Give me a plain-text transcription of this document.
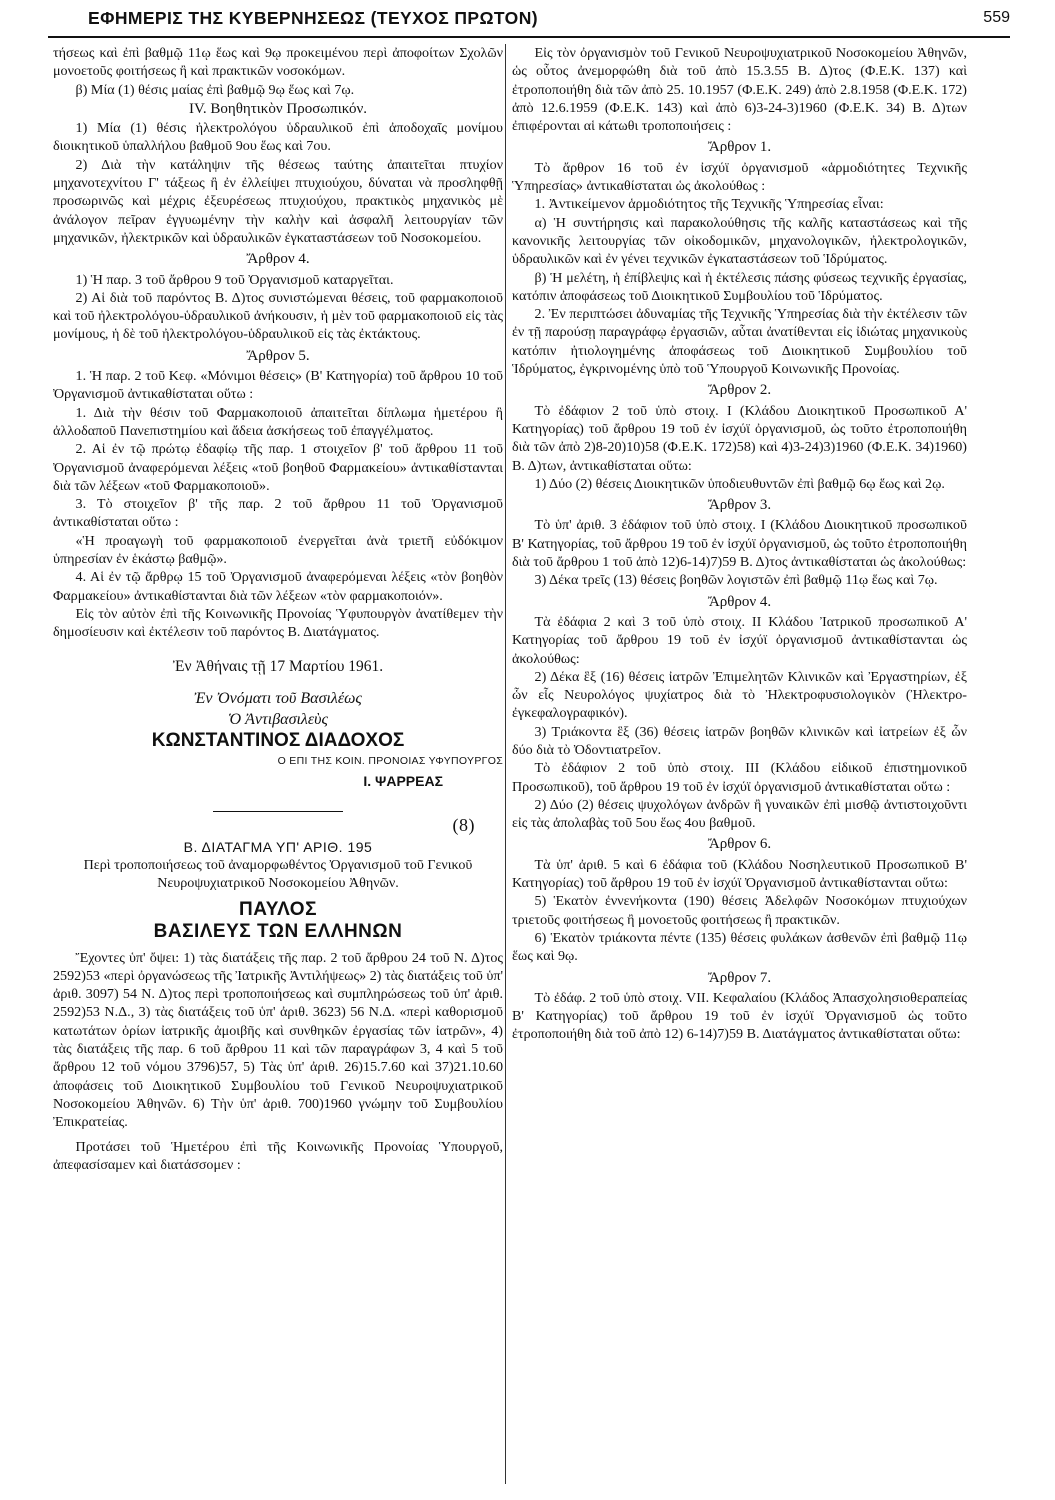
ΕΦΗΜΕΡΙΣ ΤΗΣ ΚΥΒΕΡΝΗΣΕΩΣ (ΤΕΥΧΟΣ ΠΡΩΤΟΝ)	559

τήσεως καὶ ἐπὶ βαθμῷ 11ῳ ἕως καὶ 9ῳ προκειμένου περὶ ἀποφοίτων Σχολῶν μονοετοῦς φοιτήσεως ἢ καὶ πρακτικῶν νοσοκόμων.

β) Μία (1) θέσις μαίας ἐπὶ βαθμῷ 9ῳ ἕως καὶ 7ῳ.

IV. Βοηθητικὸν Προσωπικόν.

1) Μία (1) θέσις ἠλεκτρολόγου ὑδραυλικοῦ ἐπὶ ἀποδοχαῖς μονίμου διοικητικοῦ ὑπαλλήλου βαθμοῦ 9ου ἕως καὶ 7ου.

2) Διὰ τὴν κατάληψιν τῆς θέσεως ταύτης ἀπαιτεῖται πτυχίον μηχανοτεχνίτου Γ' τάξεως ἢ ἐν ἐλλείψει πτυχιούχου, δύναται νὰ προσληφθῇ προσωρινῶς καὶ μέχρις ἐξευρέσεως πτυχιούχου, πρακτικὸς μηχανικὸς μὲ ἀνάλογον πεῖραν ἐγγυωμένην τὴν καλὴν καὶ ἀσφαλῆ λειτουργίαν τῶν μηχανικῶν, ἠλεκτρικῶν καὶ ὑδραυλικῶν ἐγκαταστάσεων τοῦ Νοσοκομείου.

Ἄρθρον 4.

1) Ἡ παρ. 3 τοῦ ἄρθρου 9 τοῦ Ὀργανισμοῦ καταργεῖται.

2) Αἱ διὰ τοῦ παρόντος Β. Δ)τος συνιστώμεναι θέσεις, τοῦ φαρμακοποιοῦ καὶ τοῦ ἠλεκτρολόγου-ὑδραυλικοῦ ἀνήκουσιν, ἡ μὲν τοῦ φαρμακοποιοῦ εἰς τὰς μονίμους, ἡ δὲ τοῦ ἠλεκτρολόγου-ὑδραυλικοῦ εἰς τὰς ἐκτάκτους.

Ἄρθρον 5.

1. Ἡ παρ. 2 τοῦ Κεφ. «Μόνιμοι θέσεις» (Β' Κατηγορία) τοῦ ἄρθρου 10 τοῦ Ὀργανισμοῦ ἀντικαθίσταται οὕτω :

1. Διὰ τὴν θέσιν τοῦ Φαρμακοποιοῦ ἀπαιτεῖται δίπλωμα ἡμετέρου ἢ ἀλλοδαποῦ Πανεπιστημίου καὶ ἄδεια ἀσκήσεως τοῦ ἐπαγγέλματος.

2. Αἱ ἐν τῷ πρώτῳ ἐδαφίῳ τῆς παρ. 1 στοιχεῖον β' τοῦ ἄρθρου 11 τοῦ Ὀργανισμοῦ ἀναφερόμεναι λέξεις «τοῦ βοηθοῦ Φαρμακείου» ἀντικαθίστανται διὰ τῶν λέξεων «τοῦ Φαρμακοποιοῦ».

3. Τὸ στοιχεῖον β' τῆς παρ. 2 τοῦ ἄρθρου 11 τοῦ Ὀργανισμοῦ ἀντικαθίσταται οὕτω :

«Ἡ προαγωγὴ τοῦ φαρμακοποιοῦ ἐνεργεῖται ἀνὰ τριετῆ εὐδόκιμον ὑπηρεσίαν ἐν ἑκάστῳ βαθμῷ».

4. Αἱ ἐν τῷ ἄρθρῳ 15 τοῦ Ὀργανισμοῦ ἀναφερόμεναι λέξεις «τὸν βοηθὸν Φαρμακείου» ἀντικαθίστανται διὰ τῶν λέξεων «τὸν φαρμακοποιόν».

Εἰς τὸν αὐτὸν ἐπὶ τῆς Κοινωνικῆς Προνοίας Ὑφυπουργὸν ἀνατίθεμεν τὴν δημοσίευσιν καὶ ἐκτέλεσιν τοῦ παρόντος Β. Διατάγματος.

Ἐν Ἀθήναις τῇ 17 Μαρτίου 1961.
Ἐν Ὀνόματι τοῦ Βασιλέως
Ὁ Ἀντιβασιλεὺς
ΚΩΝΣΤΑΝΤΙΝΟΣ ΔΙΑΔΟΧΟΣ
Ο ΕΠΙ ΤΗΣ ΚΟΙΝ. ΠΡΟΝΟΙΑΣ ΥΦΥΠΟΥΡΓΟΣ
Ι. ΨΑΡΡΕΑΣ
(8)
Β. ΔΙΑΤΑΓΜΑ ΥΠ' ΑΡΙΘ. 195

Περὶ τροποποιήσεως τοῦ ἀναμορφωθέντος Ὀργανισμοῦ τοῦ Γενικοῦ Νευροψυχιατρικοῦ Νοσοκομείου Ἀθηνῶν.

ΠΑΥΛΟΣ
ΒΑΣΙΛΕΥΣ ΤΩΝ ΕΛΛΗΝΩΝ

Ἔχοντες ὑπ' ὄψει: 1) τὰς διατάξεις τῆς παρ. 2 τοῦ ἄρθρου 24 τοῦ Ν. Δ)τος 2592)53 «περὶ ὀργανώσεως τῆς Ἰατρικῆς Ἀντιλήψεως» 2) τὰς διατάξεις τοῦ ὑπ' ἀριθ. 3097) 54 Ν. Δ)τος περὶ τροποποιήσεως καὶ συμπληρώσεως τοῦ ὑπ' ἀριθ. 2592)53 Ν.Δ., 3) τὰς διατάξεις τοῦ ὑπ' ἀριθ. 3623) 56 Ν.Δ. «περὶ καθορισμοῦ κατωτάτων ὁρίων ἰατρικῆς ἀμοιβῆς καὶ συνθηκῶν ἐργασίας τῶν ἰατρῶν», 4) τὰς διατάξεις τῆς παρ. 6 τοῦ ἄρθρου 11 καὶ τῶν παραγράφων 3, 4 καὶ 5 τοῦ ἄρθρου 12 τοῦ νόμου 3796)57, 5) Τὰς ὑπ' ἀριθ. 26)15.7.60 καὶ 37)21.10.60 ἀποφάσεις τοῦ Διοικητικοῦ Συμβουλίου τοῦ Γενικοῦ Νευροψυχιατρικοῦ Νοσοκομείου Ἀθηνῶν. 6) Τὴν ὑπ' ἀριθ. 700)1960 γνώμην τοῦ Συμβουλίου Ἐπικρατείας.

Προτάσει τοῦ Ἡμετέρου ἐπὶ τῆς Κοινωνικῆς Προνοίας Ὑπουργοῦ, ἀπεφασίσαμεν καὶ διατάσσομεν :

Εἰς τὸν ὀργανισμὸν τοῦ Γενικοῦ Νευροψυχιατρικοῦ Νοσοκομείου Ἀθηνῶν, ὡς οὗτος ἀνεμορφώθη διὰ τοῦ ἀπὸ 15.3.55 Β. Δ)τος (Φ.Ε.Κ. 137) καὶ ἐτροποποιήθη διὰ τῶν ἀπὸ 25. 10.1957 (Φ.Ε.Κ. 249) ἀπὸ 2.8.1958 (Φ.Ε.Κ. 172) ἀπὸ 12.6.1959 (Φ.Ε.Κ. 143) καὶ ἀπὸ 6)3-24-3)1960 (Φ.Ε.Κ. 34) Β. Δ)των ἐπιφέρονται αἱ κάτωθι τροποποιήσεις :

Ἄρθρον 1.

Τὸ ἄρθρον 16 τοῦ ἐν ἰσχύϊ ὀργανισμοῦ «ἁρμοδιότητες Τεχνικῆς Ὑπηρεσίας» ἀντικαθίσταται ὡς ἀκολούθως :

1. Ἀντικείμενον ἁρμοδιότητος τῆς Τεχνικῆς Ὑπηρεσίας εἶναι:

α) Ἡ συντήρησις καὶ παρακολούθησις τῆς καλῆς καταστάσεως καὶ τῆς κανονικῆς λειτουργίας τῶν οἰκοδομικῶν, μηχανολογικῶν, ἠλεκτρολογικῶν, ὑδραυλικῶν καὶ ἐν γένει τεχνικῶν ἐγκαταστάσεων τοῦ Ἱδρύματος.

β) Ἡ μελέτη, ἡ ἐπίβλεψις καὶ ἡ ἐκτέλεσις πάσης φύσεως τεχνικῆς ἐργασίας, κατόπιν ἀποφάσεως τοῦ Διοικητικοῦ Συμβουλίου τοῦ Ἱδρύματος.

2. Ἐν περιπτώσει ἀδυναμίας τῆς Τεχνικῆς Ὑπηρεσίας διὰ τὴν ἐκτέλεσιν τῶν ἐν τῇ παρούσῃ παραγράφῳ ἐργασιῶν, αὗται ἀνατίθενται εἰς ἰδιώτας μηχανικοὺς κατόπιν ἠτιολογημένης ἀποφάσεως τοῦ Διοικητικοῦ Συμβουλίου τοῦ Ἱδρύματος, ἐγκρινομένης ὑπὸ τοῦ Ὑπουργοῦ Κοινωνικῆς Προνοίας.

Ἄρθρον 2.

Τὸ ἐδάφιον 2 τοῦ ὑπὸ στοιχ. I (Κλάδου Διοικητικοῦ Προσωπικοῦ Α' Κατηγορίας) τοῦ ἄρθρου 19 τοῦ ἐν ἰσχύϊ ὀργανισμοῦ, ὡς τοῦτο ἐτροποποιήθη διὰ τῶν ἀπὸ 2)8-20)10)58 (Φ.Ε.Κ. 172)58) καὶ 4)3-24)3)1960 (Φ.Ε.Κ. 34)1960) Β. Δ)των, ἀντικαθίσταται οὕτω:

1) Δύο (2) θέσεις Διοικητικῶν ὑποδιευθυντῶν ἐπὶ βαθμῷ 6ῳ ἕως καὶ 2ῳ.

Ἄρθρον 3.

Τὸ ὑπ' ἀριθ. 3 ἐδάφιον τοῦ ὑπὸ στοιχ. I (Κλάδου Διοικητικοῦ προσωπικοῦ Β' Κατηγορίας, τοῦ ἄρθρου 19 τοῦ ἐν ἰσχύϊ ὀργανισμοῦ, ὡς τοῦτο ἐτροποποιήθη διὰ τοῦ ἄρθρου 1 τοῦ ἀπὸ 12)6-14)7)59 Β. Δ)τος ἀντικαθίσταται ὡς ἀκολούθως:

3) Δέκα τρεῖς (13) θέσεις βοηθῶν λογιστῶν ἐπὶ βαθμῷ 11ῳ ἕως καὶ 7ῳ.

Ἄρθρον 4.

Τὰ ἐδάφια 2 καὶ 3 τοῦ ὑπὸ στοιχ. II Κλάδου Ἰατρικοῦ προσωπικοῦ Α' Κατηγορίας τοῦ ἄρθρου 19 τοῦ ἐν ἰσχύϊ ὀργανισμοῦ ἀντικαθίστανται ὡς ἀκολούθως:

2) Δέκα ἓξ (16) θέσεις ἰατρῶν Ἐπιμελητῶν Κλινικῶν καὶ Ἐργαστηρίων, ἐξ ὧν εἷς Νευρολόγος ψυχίατρος διὰ τὸ Ἠλεκτροφυσιολογικὸν (Ἠλεκτρο-ἐγκεφαλογραφικόν).

3) Τριάκοντα ἓξ (36) θέσεις ἰατρῶν βοηθῶν κλινικῶν καὶ ἰατρείων ἐξ ὧν δύο διὰ τὸ Ὀδοντιατρεῖον.

Τὸ ἐδάφιον 2 τοῦ ὑπὸ στοιχ. III (Κλάδου εἰδικοῦ ἐπιστημονικοῦ Προσωπικοῦ), τοῦ ἄρθρου 19 τοῦ ἐν ἰσχύϊ ὀργανισμοῦ ἀντικαθίσταται οὕτω :

2) Δύο (2) θέσεις ψυχολόγων ἀνδρῶν ἢ γυναικῶν ἐπὶ μισθῷ ἀντιστοιχοῦντι εἰς τὰς ἀπολαβὰς τοῦ 5ου ἕως 4ου βαθμοῦ.

Ἄρθρον 6.

Τὰ ὑπ' ἀριθ. 5 καὶ 6 ἐδάφια τοῦ (Κλάδου Νοσηλευτικοῦ Προσωπικοῦ Β' Κατηγορίας) τοῦ ἄρθρου 19 τοῦ ἐν ἰσχύϊ Ὀργανισμοῦ ἀντικαθίστανται οὕτω:

5) Ἑκατὸν ἐννενήκοντα (190) θέσεις Ἀδελφῶν Νοσοκόμων πτυχιούχων τριετοῦς φοιτήσεως ἢ μονοετοῦς φοιτήσεως ἢ πρακτικῶν.

6) Ἑκατὸν τριάκοντα πέντε (135) θέσεις φυλάκων ἀσθενῶν ἐπὶ βαθμῷ 11ῳ ἕως καὶ 9ῳ.

Ἄρθρον 7.

Τὸ ἐδάφ. 2 τοῦ ὑπὸ στοιχ. VII. Κεφαλαίου (Κλάδος Ἀπασχολησιοθεραπείας Β' Κατηγορίας) τοῦ ἄρθρου 19 τοῦ ἐν ἰσχύϊ Ὀργανισμοῦ ὡς τοῦτο ἐτροποποιήθη διὰ τοῦ ἀπὸ 12) 6-14)7)59 Β. Διατάγματος ἀντικαθίσταται οὕτω:
